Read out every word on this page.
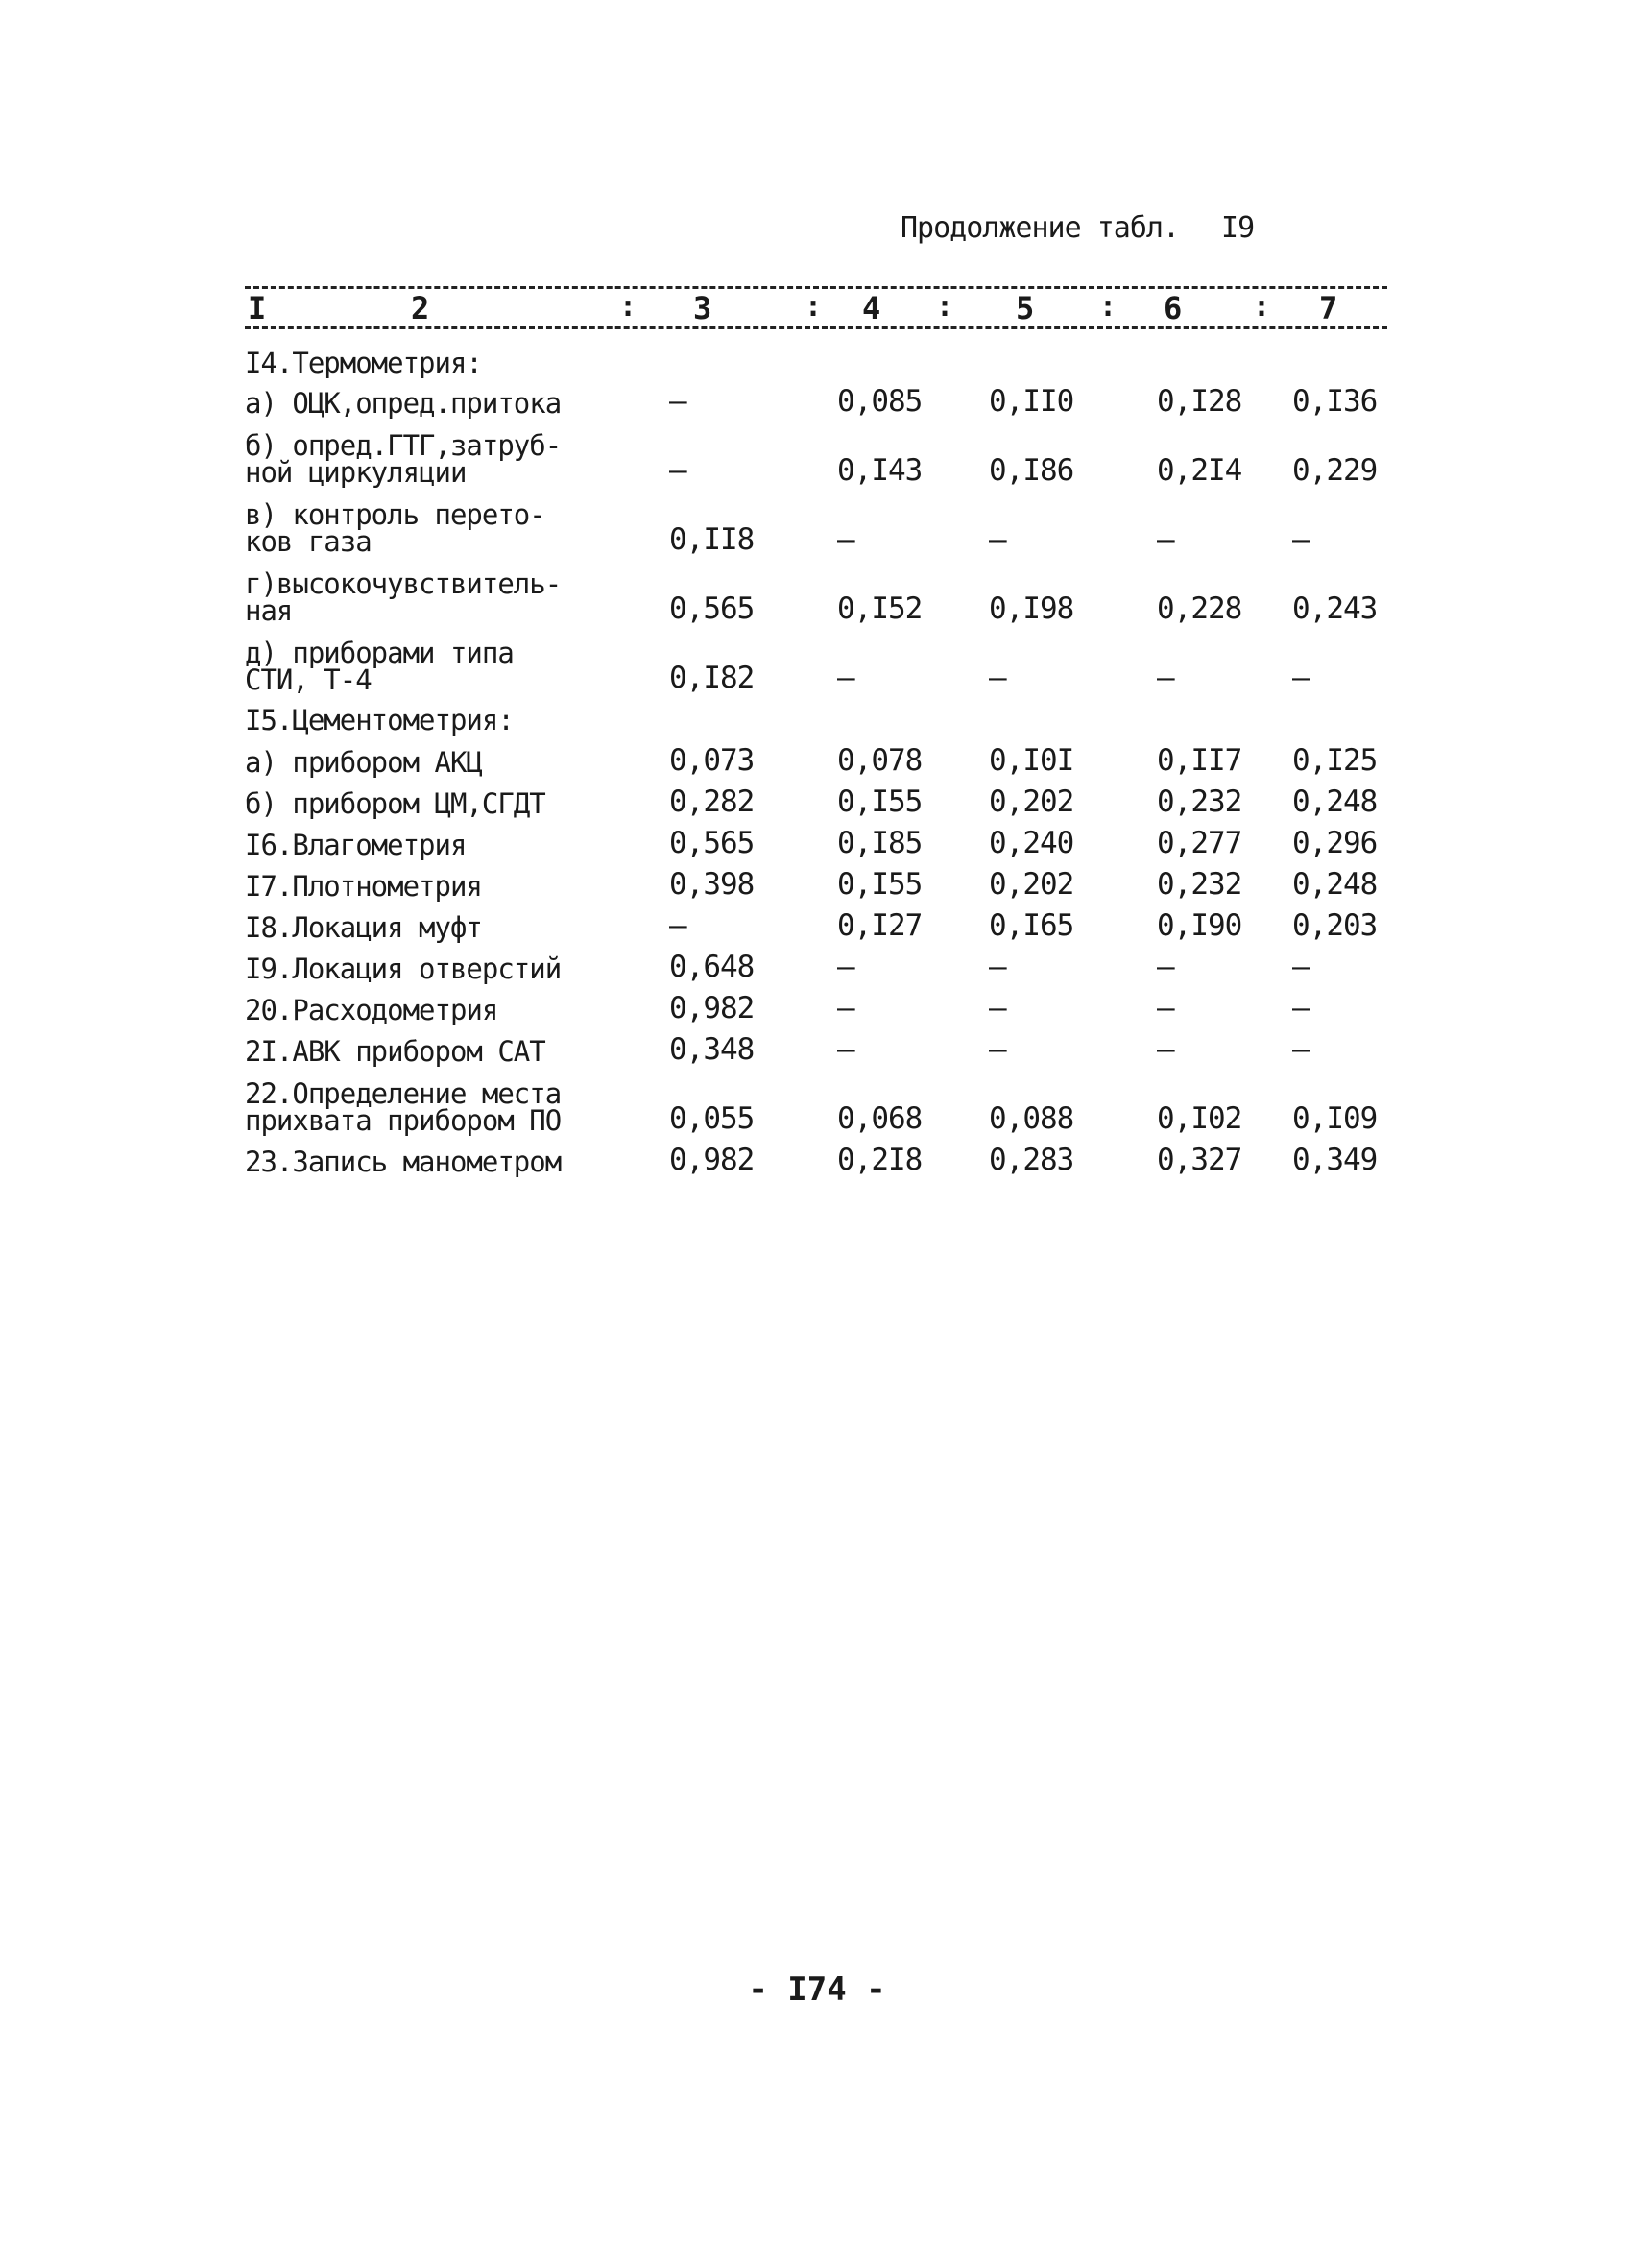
Продолжение табл. I9
I	2	: 3	: 4 : 5 : 6 : 7
I4.Термометрия:
а) ОЦК,опред.притока	–	0,085 0,II0	0,I28 0,I36
б) опред.ГТГ,затруб-
ной циркуляции	–	0,I43 0,I86	0,2I4 0,229
в) контроль перето-
ков газа	0,II8	–	–	–	–
г)высокочувствитель-
ная	0,565	0,I52 0,I98	0,228 0,243
д) приборами типа
СТИ, Т-4	0,I82	–	–	–	–
I5.Цементометрия:
а) прибором АКЦ	0,073	0,078 0,I0I	0,II7 0,I25
б) прибором ЦМ,СГДТ	0,282	0,I55 0,202	0,232 0,248
I6.Влагометрия	0,565	0,I85 0,240	0,277 0,296
I7.Плотнометрия	0,398	0,I55 0,202	0,232 0,248
I8.Локация муфт	–	0,I27 0,I65	0,I90 0,203
I9.Локация отверстий	0,648	–	–	–	–
20.Расходометрия	0,982	–	–	–	–
2I.АВК прибором САТ	0,348	–	–	–	–
22.Определение места
прихвата прибором ПО	0,055	0,068 0,088	0,I02 0,I09
23.Запись манометром	0,982	0,2I8 0,283	0,327 0,349
- I74 -
